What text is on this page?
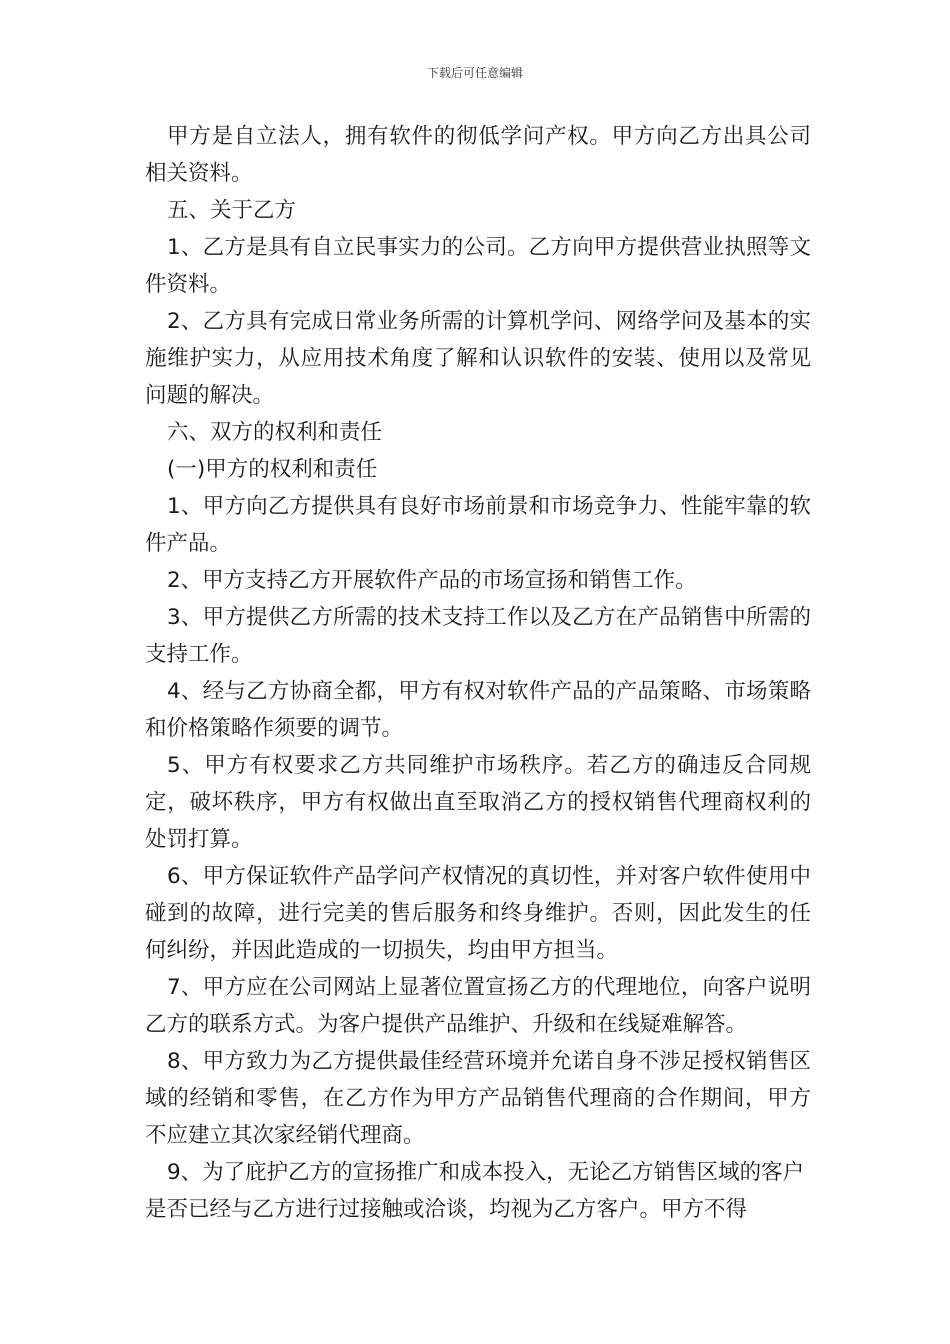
下载后可任意编辑

甲方是自立法人，拥有软件的彻低学问产权。甲方向乙方出具公司相关资料。

五、关于乙方

1、乙方是具有自立民事实力的公司。乙方向甲方提供营业执照等文件资料。

2、乙方具有完成日常业务所需的计算机学问、网络学问及基本的实施维护实力，从应用技术角度了解和认识软件的安装、使用以及常见问题的解决。

六、双方的权利和责任

(一)甲方的权利和责任

1、甲方向乙方提供具有良好市场前景和市场竞争力、性能牢靠的软件产品。

2、甲方支持乙方开展软件产品的市场宣扬和销售工作。

3、甲方提供乙方所需的技术支持工作以及乙方在产品销售中所需的支持工作。

4、经与乙方协商全都，甲方有权对软件产品的产品策略、市场策略和价格策略作须要的调节。

5、甲方有权要求乙方共同维护市场秩序。若乙方的确违反合同规定，破坏秩序，甲方有权做出直至取消乙方的授权销售代理商权利的处罚打算。

6、甲方保证软件产品学问产权情况的真切性，并对客户软件使用中碰到的故障，进行完美的售后服务和终身维护。否则，因此发生的任何纠纷，并因此造成的一切损失，均由甲方担当。

7、甲方应在公司网站上显著位置宣扬乙方的代理地位，向客户说明乙方的联系方式。为客户提供产品维护、升级和在线疑难解答。

8、甲方致力为乙方提供最佳经营环境并允诺自身不涉足授权销售区域的经销和零售，在乙方作为甲方产品销售代理商的合作期间，甲方不应建立其次家经销代理商。

9、为了庇护乙方的宣扬推广和成本投入，无论乙方销售区域的客户是否已经与乙方进行过接触或洽谈，均视为乙方客户。甲方不得
